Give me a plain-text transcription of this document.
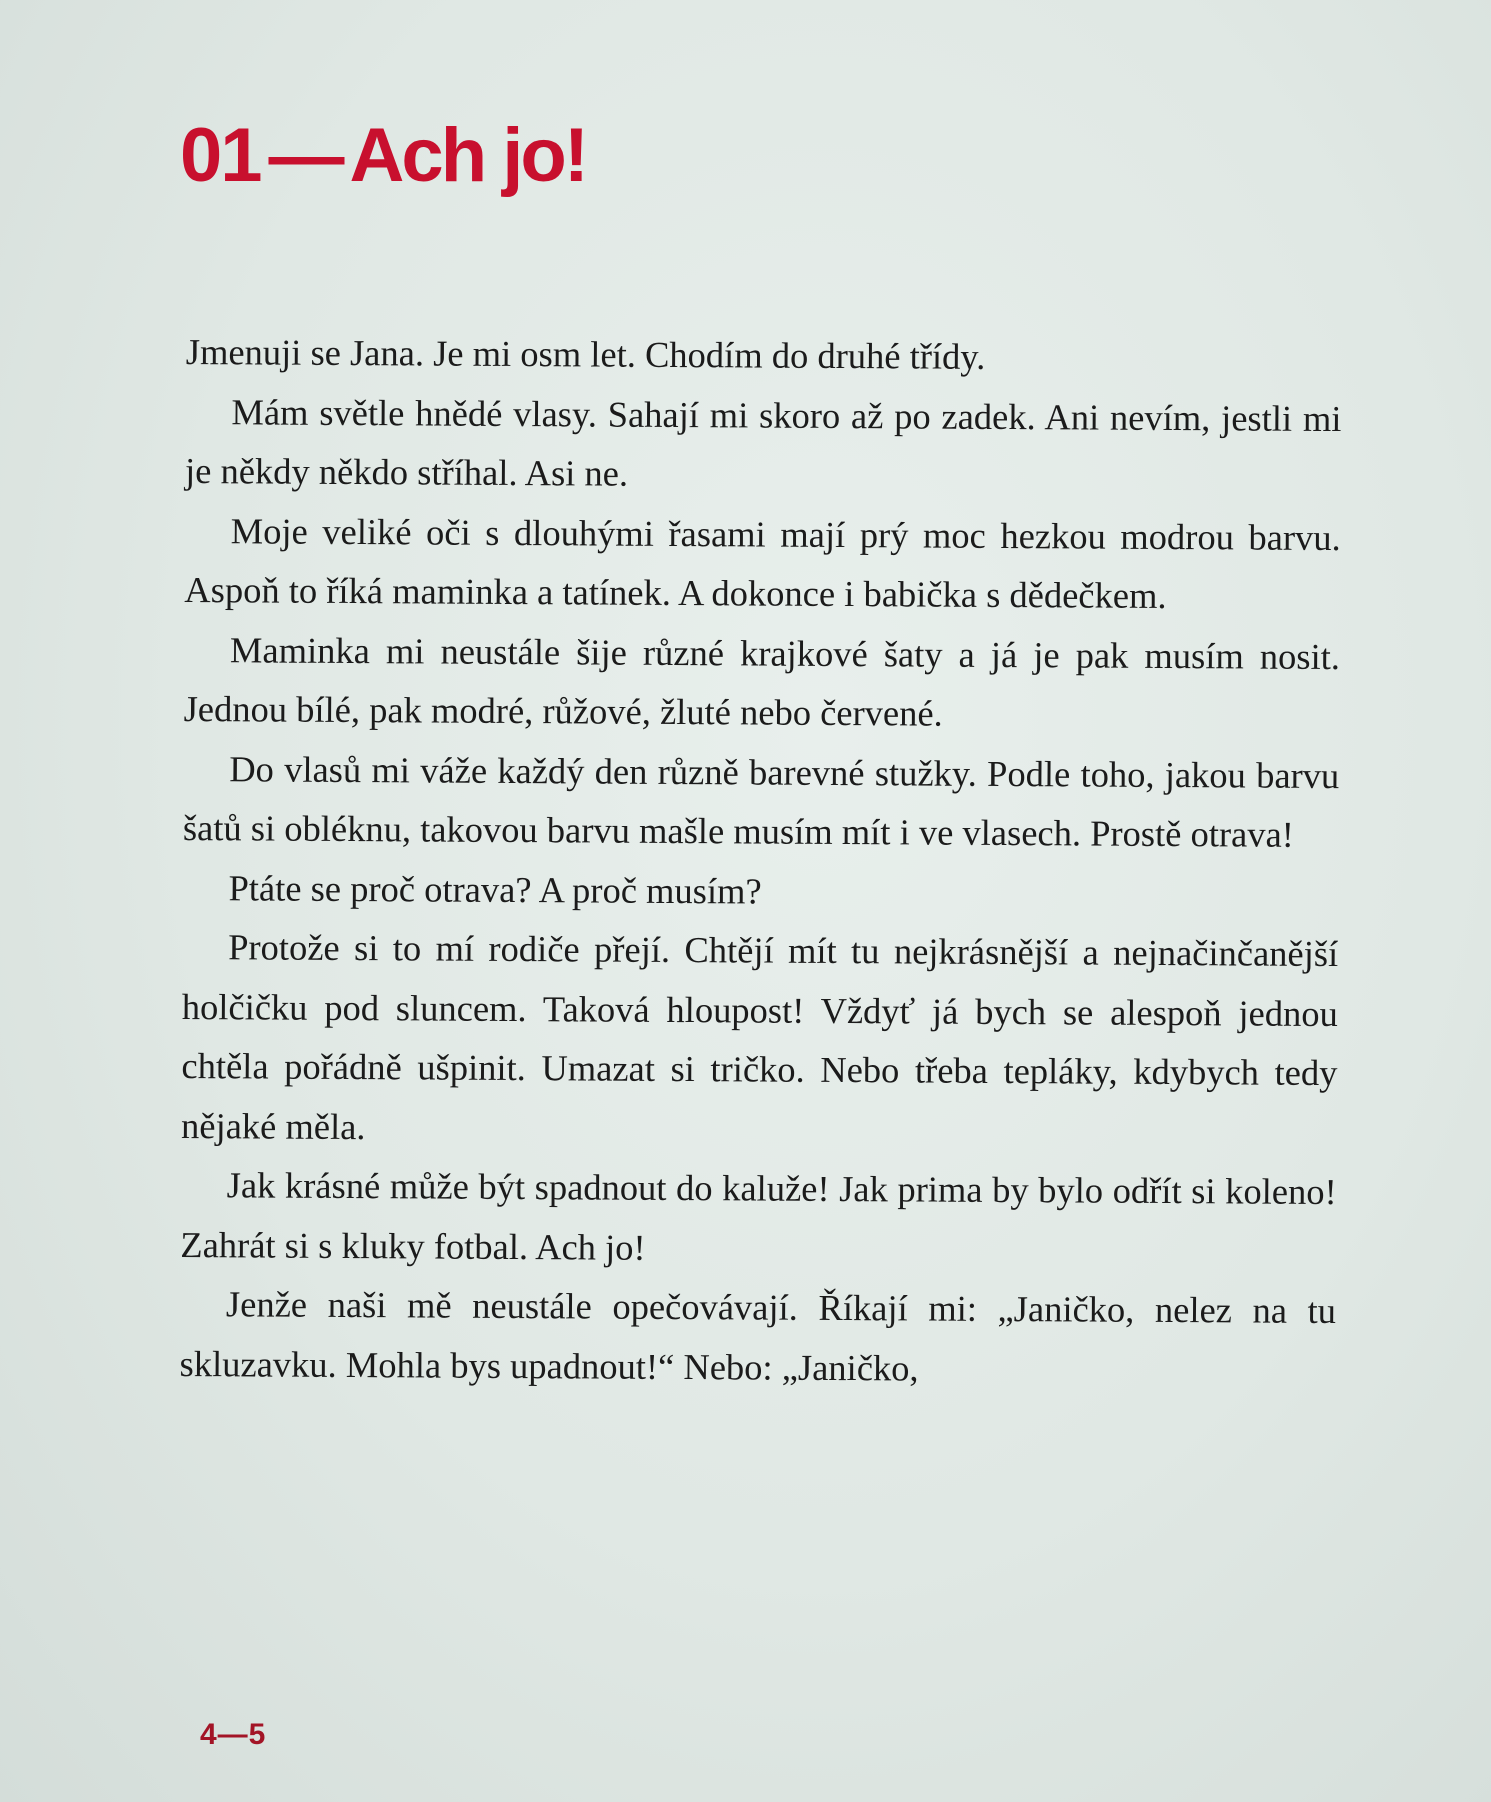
01 — Ach jo!

Jmenuji se Jana. Je mi osm let. Chodím do druhé třídy.

Mám světle hnědé vlasy. Sahají mi skoro až po zadek. Ani nevím, jestli mi je někdy někdo stříhal. Asi ne.

Moje veliké oči s dlouhými řasami mají prý moc hezkou modrou barvu. Aspoň to říká maminka a tatínek. A dokonce i babička s dědečkem.

Maminka mi neustále šije různé krajkové šaty a já je pak musím nosit. Jednou bílé, pak modré, růžové, žluté nebo červené.

Do vlasů mi váže každý den různě barevné stužky. Podle toho, jakou barvu šatů si obléknu, takovou barvu mašle musím mít i ve vlasech. Prostě otrava!

Ptáte se proč otrava? A proč musím?

Protože si to mí rodiče přejí. Chtějí mít tu nejkrásnější a nejnačinčanější holčičku pod sluncem. Taková hloupost! Vždyť já bych se alespoň jednou chtěla pořádně ušpinit. Umazat si tričko. Nebo třeba tepláky, kdybych tedy nějaké měla.

Jak krásné může být spadnout do kaluže! Jak prima by bylo odřít si koleno! Zahrát si s kluky fotbal. Ach jo!

Jenže naši mě neustále opečovávají. Říkají mi: „Janičko, nelez na tu skluzavku. Mohla bys upadnout!“ Nebo: „Janičko,

4—5
